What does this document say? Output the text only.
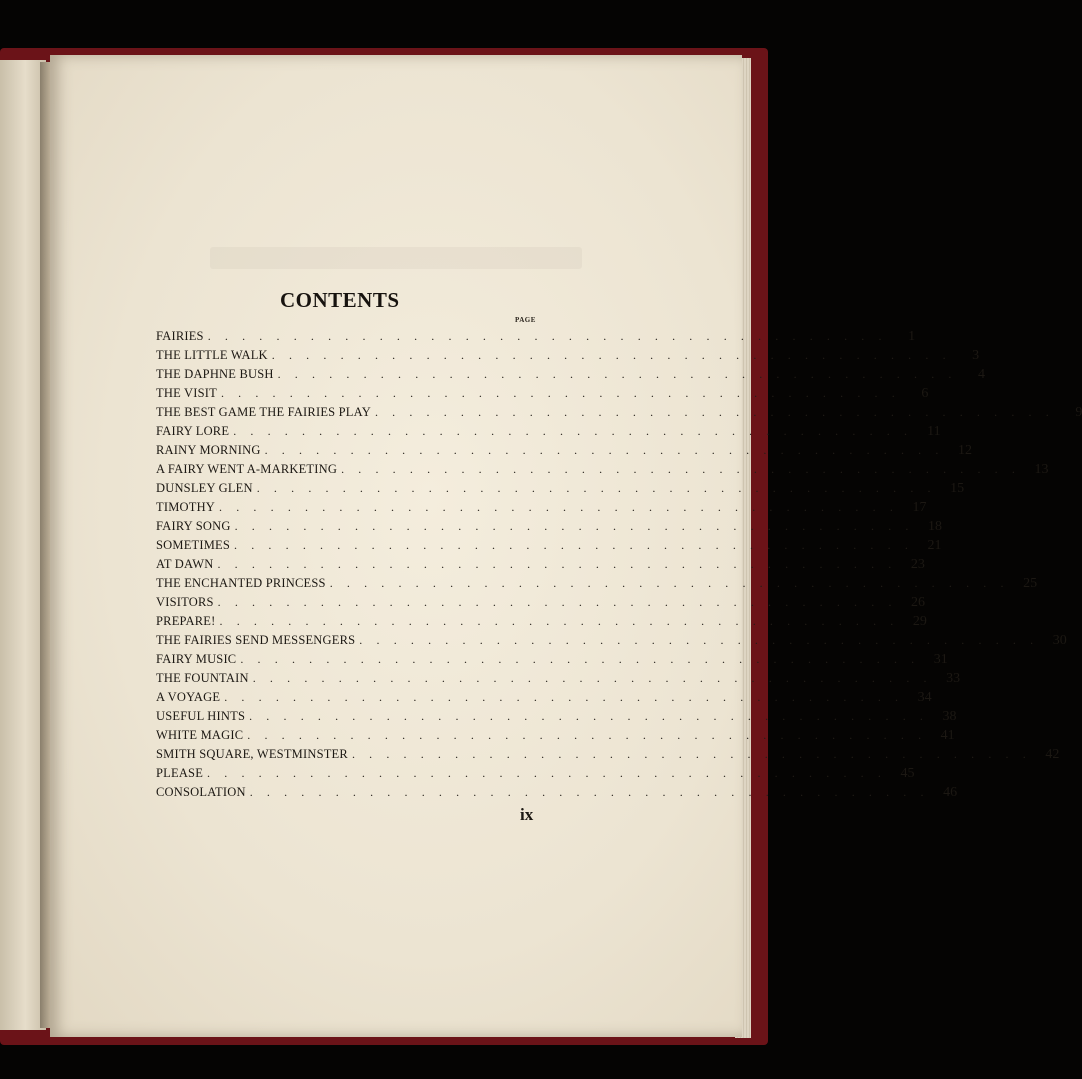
CONTENTS
PAGE
FAIRIES . . . . . . . . . . . . . . . . . . . . . . . . . . . . . . . . . . . . . . . .	1
THE LITTLE WALK . . . . . . . . . . . . . . . . . . . . . . . . . . . . . . . . . . . . . . . .	3
THE DAPHNE BUSH . . . . . . . . . . . . . . . . . . . . . . . . . . . . . . . . . . . . . . . .	4
THE VISIT . . . . . . . . . . . . . . . . . . . . . . . . . . . . . . . . . . . . . . . .	6
THE BEST GAME THE FAIRIES PLAY . . . . . . . . . . . . . . . . . . . . . . . . . . . . . . . . . . . . . . . .	9
FAIRY LORE . . . . . . . . . . . . . . . . . . . . . . . . . . . . . . . . . . . . . . . .	11
RAINY MORNING . . . . . . . . . . . . . . . . . . . . . . . . . . . . . . . . . . . . . . . .	12
A FAIRY WENT A-MARKETING . . . . . . . . . . . . . . . . . . . . . . . . . . . . . . . . . . . . . . . .	13
DUNSLEY GLEN . . . . . . . . . . . . . . . . . . . . . . . . . . . . . . . . . . . . . . . .	15
TIMOTHY . . . . . . . . . . . . . . . . . . . . . . . . . . . . . . . . . . . . . . . .	17
FAIRY SONG . . . . . . . . . . . . . . . . . . . . . . . . . . . . . . . . . . . . . . . .	18
SOMETIMES . . . . . . . . . . . . . . . . . . . . . . . . . . . . . . . . . . . . . . . .	21
AT DAWN . . . . . . . . . . . . . . . . . . . . . . . . . . . . . . . . . . . . . . . .	23
THE ENCHANTED PRINCESS . . . . . . . . . . . . . . . . . . . . . . . . . . . . . . . . . . . . . . . .	25
VISITORS . . . . . . . . . . . . . . . . . . . . . . . . . . . . . . . . . . . . . . . .	26
PREPARE! . . . . . . . . . . . . . . . . . . . . . . . . . . . . . . . . . . . . . . . .	29
THE FAIRIES SEND MESSENGERS . . . . . . . . . . . . . . . . . . . . . . . . . . . . . . . . . . . . . . . .	30
FAIRY MUSIC . . . . . . . . . . . . . . . . . . . . . . . . . . . . . . . . . . . . . . . .	31
THE FOUNTAIN . . . . . . . . . . . . . . . . . . . . . . . . . . . . . . . . . . . . . . . .	33
A VOYAGE . . . . . . . . . . . . . . . . . . . . . . . . . . . . . . . . . . . . . . . .	34
USEFUL HINTS . . . . . . . . . . . . . . . . . . . . . . . . . . . . . . . . . . . . . . . .	38
WHITE MAGIC . . . . . . . . . . . . . . . . . . . . . . . . . . . . . . . . . . . . . . . .	41
SMITH SQUARE, WESTMINSTER . . . . . . . . . . . . . . . . . . . . . . . . . . . . . . . . . . . . . . . .	42
PLEASE . . . . . . . . . . . . . . . . . . . . . . . . . . . . . . . . . . . . . . . .	45
CONSOLATION . . . . . . . . . . . . . . . . . . . . . . . . . . . . . . . . . . . . . . . .	46
ix
